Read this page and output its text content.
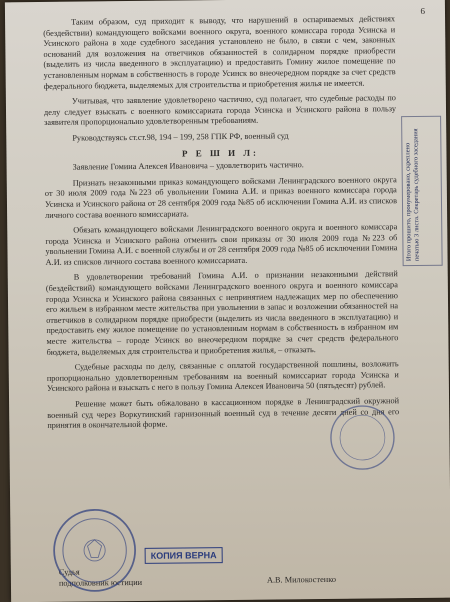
6

Таким образом, суд приходит к выводу, что нарушений в оспариваемых действиях (бездействии) командующего войсками военного округа, военного комиссара города Усинска и Усинского района в ходе судебного заседания установлено не было, в связи с чем, законных оснований для возложения на ответчиков обязанностей в солидарном порядке приобрести (выделить из числа введенного в эксплуатацию) и предоставить Гомину жилое помещение по установленным нормам в собственность в городе Усинск во внеочередном порядке за счет средств федерального бюджета, выделяемых для строительства и приобретения жилья не имеется.

Учитывая, что заявление удовлетворено частично, суд полагает, что судебные расходы по делу следует взыскать с военного комиссариата города Усинска и Усинского района в пользу заявителя пропорционально удовлетворенным требованиям.

Руководствуясь ст.ст.98, 194 – 199, 258 ГПК РФ, военный суд

Р Е Ш И Л:

Заявление Гомина Алексея Ивановича – удовлетворить частично.

Признать незаконными приказ командующего войсками Ленинградского военного округа от 30 июля 2009 года №223 об увольнении Гомина А.И. и приказ военного комиссара города Усинска и Усинского района от 28 сентября 2009 года №85 об исключении Гомина А.И. из списков личного состава военного комиссариата.

Обязать командующего войсками Ленинградского военного округа и военного комиссара города Усинска и Усинского района отменить свои приказы от 30 июля 2009 года №223 об увольнении Гомина А.И. с военной службы и от 28 сентября 2009 года №85 об исключении Гомина А.И. из списков личного состава военного комиссариата.

В удовлетворении требований Гомина А.И. о признании незаконными действий (бездействий) командующего войсками Ленинградского военного округа и военного комиссара города Усинска и Усинского района связанных с непринятием надлежащих мер по обеспечению его жильем в избранном месте жительства при увольнении в запас и возложении обязанностей на ответчиков в солидарном порядке приобрести (выделить из числа введенного в эксплуатацию) и предоставить ему жилое помещение по установленным нормам в собственность в избранном им месте жительства – городе Усинск во внеочередном порядке за счет средств федерального бюджета, выделяемых для строительства и приобретения жилья, – отказать.

Судебные расходы по делу, связанные с оплатой государственной пошлины, возложить пропорционально удовлетворенным требованиям на военный комиссариат города Усинска и Усинского района и взыскать с него в пользу Гомина Алексея Ивановича 50 (пятьдесят) рублей.

Решение может быть обжаловано в кассационном порядке в Ленинградский окружной военный суд через Воркутинский гарнизонный военный суд в течение десяти дней со дня его принятия в окончательной форме.

Судья
подполковник юстиции	А.В. Милокостенко
КОПИЯ ВЕРНА
Итого прошито, пронумеровано, скреплено печатью 3 листа. Секретарь судебного заседания
